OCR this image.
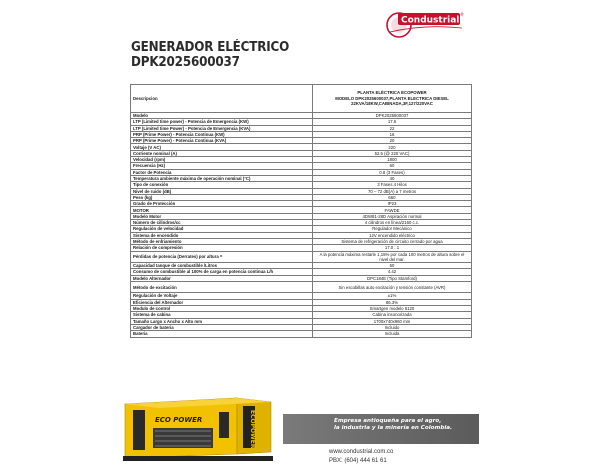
GENERADOR ELÉCTRICO
DPK2025600037
Condustrial
®
Descripcion	PLANTA ELÉCTRICA ECOPOWER
MODELO DPK2025600037,PLANTA ELECTRICA DIESEL
22KVA/18KW,CABINADA,3F,127/220VAC

Modelo	DPK2025600037
LTP (Limited time power) - Potencia de Emergencia (KW)	17.6
LTP (Limited time Power) - Potencia de Emergencia (KVA)	22
PRP (Prime Power) - Potencia Continua (KW)	16
PRP (Prime Power) - Potencia Continua (KVA)	20
Voltaje (V AC)	220
Corriente nominal (A)	52.5 (@ 220 VAC)
Velocidad (rpm)	1800
Frecuencia (Hz)	60
Factor de Potencia	0.8 (3 Fases)
Temperatura ambiente máxima de operación nominal (°C)	40
Tipo de conexión	3 Fases 4 Hilos
Nivel de ruido (dB)	70 – 72 dB(A) a 7 metros
Peso (kg)	660
Grado de Protección	IP23
MOTOR	FAWDE
Modelo Motor	4DW81-28D Aspiración normal
Número de cilindros/cc	4 cilindros en línea/2160 c.c.
Regulación de velocidad	Regulador Mecánico
Sistema de encendido	12V encendido eléctrico
Método de enfriamiento	Sistema de refrigeración de circuito cerrado por agua
Relación de compresión	17.0 : 1
Pérdidas de potencia (Derrates) por altura =	A la potencia máxima restarle 1,15% por cada 100 metros de altura sobre el nivel del mar.
Capacidad tanque de combustible /Litros	50
Consumo de combustible al 100% de carga en potencia continua L/h	4.42
Modelo Alternador	DPC184E (Tipo Stamford)
Método de excitación	Sin escobillas auto excitación y tensión constante (AVR)
Regulación de Voltaje	±1%
Eficiencia del Alternador	86.3%
Modulo de control	Smartgen modelo 6120
Sistema de cabina	Cabina insonorizada
Tamaño Largo x Ancho x Alto mm	1700x740x960 mm
Cargador de bateria	Incluido
Bateria	Incluida
ECO POWER	ECOPOWER	Empresa antioqueña para el agro,
la industria y la minería en Colombia.
www.condustrial.com.co
PBX: (604) 444 61 61
